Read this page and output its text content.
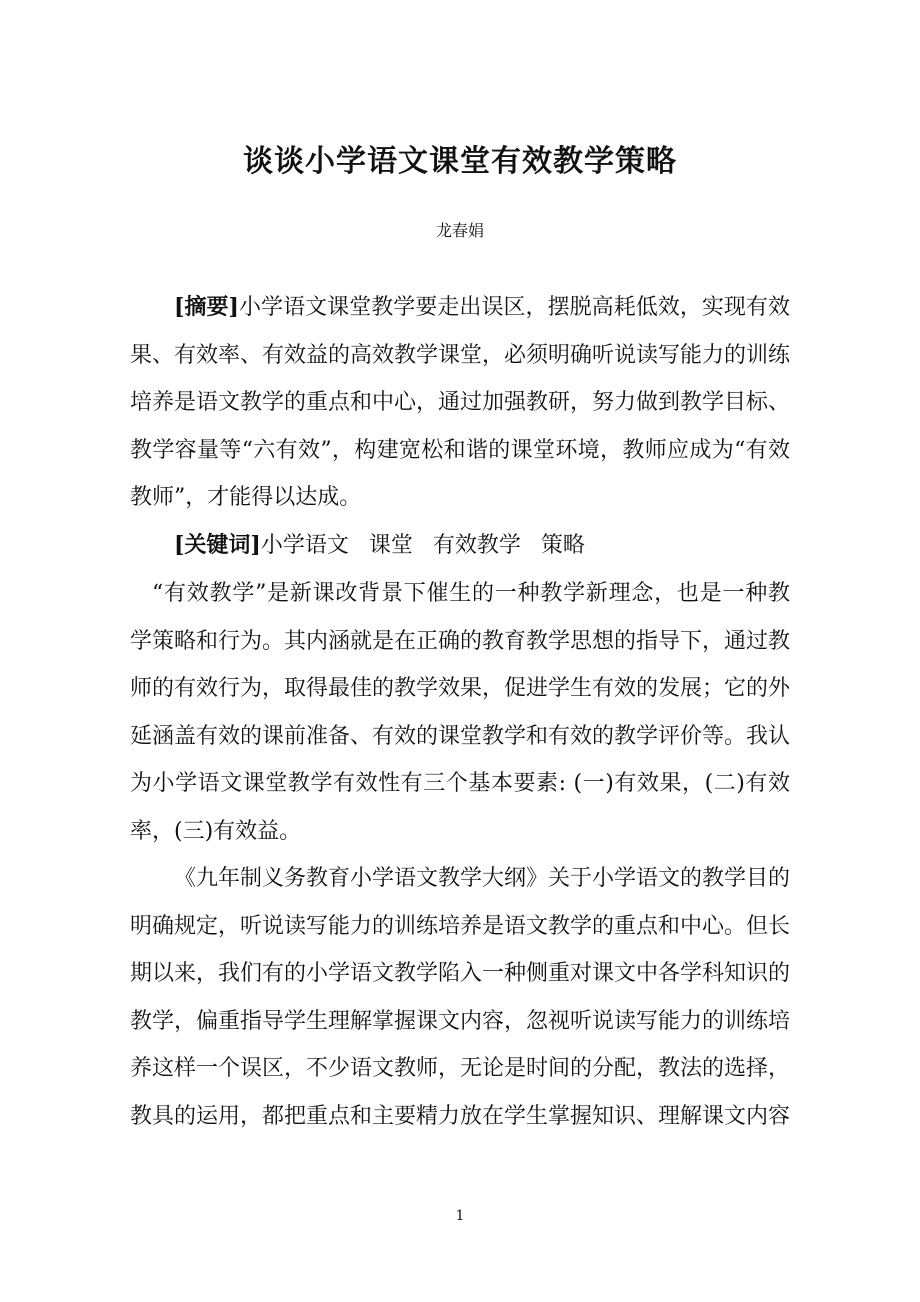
谈谈小学语文课堂有效教学策略

龙春娟

[摘要]小学语文课堂教学要走出误区，摆脱高耗低效，实现有效果、有效率、有效益的高效教学课堂，必须明确听说读写能力的训练培养是语文教学的重点和中心，通过加强教研，努力做到教学目标、教学容量等“六有效”，构建宽松和谐的课堂环境，教师应成为“有效教师”，才能得以达成。

[关键词]小学语文 课堂 有效教学 策略

“有效教学”是新课改背景下催生的一种教学新理念，也是一种教学策略和行为。其内涵就是在正确的教育教学思想的指导下，通过教师的有效行为，取得最佳的教学效果，促进学生有效的发展；它的外延涵盖有效的课前准备、有效的课堂教学和有效的教学评价等。我认为小学语文课堂教学有效性有三个基本要素: (一)有效果，(二)有效率，(三)有效益。

《九年制义务教育小学语文教学大纲》关于小学语文的教学目的明确规定，听说读写能力的训练培养是语文教学的重点和中心。但长期以来，我们有的小学语文教学陷入一种侧重对课文中各学科知识的教学，偏重指导学生理解掌握课文内容，忽视听说读写能力的训练培养这样一个误区，不少语文教师，无论是时间的分配，教法的选择，教具的运用，都把重点和主要精力放在学生掌握知识、理解课文内容

1
